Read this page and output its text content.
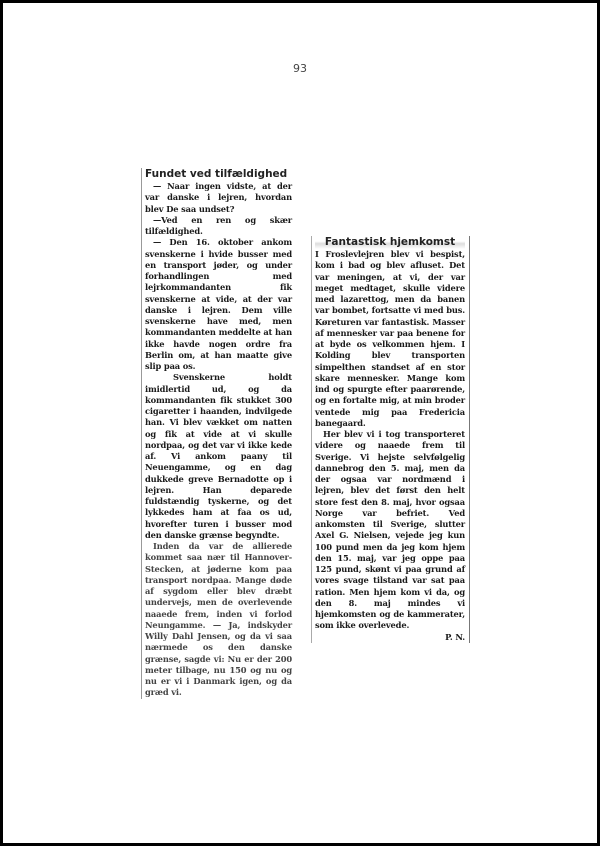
93
Fundet ved tilfældighed

— Naar ingen vidste, at der var danske i lejren, hvordan blev De saa undset?

—Ved en ren og skær tilfældighed.

— Den 16. oktober ankom svenskerne i hvide busser med en transport jøder, og under forhandlingen med lejrkommandanten fik svenskerne at vide, at der var danske i lejren. Dem ville svenskerne have med, men kommandanten meddelte at han ikke havde nogen ordre fra Berlin om, at han maatte give slip paa os.

Svenskerne holdt imidlertid ud, og da kommandanten fik stukket 300 cigaretter i haanden, indvilgede han. Vi blev vækket om natten og fik at vide at vi skulle nordpaa, og det var vi ikke kede af. Vi ankom paany til Neuengamme, og en dag dukkede greve Bernadotte op i lejren. Han deparede fuldstændig tyskerne, og det lykkedes ham at faa os ud, hvorefter turen i busser mod den danske grænse begyndte.

Inden da var de allierede kommet saa nær til Hannover-Stecken, at jøderne kom paa transport nordpaa. Mange døde af sygdom eller blev dræbt undervejs, men de overlevende naaede frem, inden vi forlod Neungamme. — Ja, indskyder Willy Dahl Jensen, og da vi saa nærmede os den danske grænse, sagde vi: Nu er der 200 meter tilbage, nu 150 og nu og nu er vi i Danmark igen, og da græd vi.

Fantastisk hjemkomst

I Froslevlejren blev vi bespist, kom i bad og blev afluset. Det var meningen, at vi, der var meget medtaget, skulle videre med lazarettog, men da banen var bombet, fortsatte vi med bus. Køreturen var fantastisk. Masser af mennesker var paa benene for at byde os velkommen hjem. I Kolding blev transporten simpelthen standset af en stor skare mennesker. Mange kom ind og spurgte efter paarørende, og en fortalte mig, at min broder ventede mig paa Fredericia banegaard.

Her blev vi i tog transporteret videre og naaede frem til Sverige. Vi hejste selvfølgelig dannebrog den 5. maj, men da der ogsaa var nordmænd i lejren, blev det først den helt store fest den 8. maj, hvor ogsaa Norge var befriet. Ved ankomsten til Sverige, slutter Axel G. Nielsen, vejede jeg kun 100 pund men da jeg kom hjem den 15. maj, var jeg oppe paa 125 pund, skønt vi paa grund af vores svage tilstand var sat paa ration. Men hjem kom vi da, og den 8. maj mindes vi hjemkomsten og de kammerater, som ikke overlevede.

P. N.
